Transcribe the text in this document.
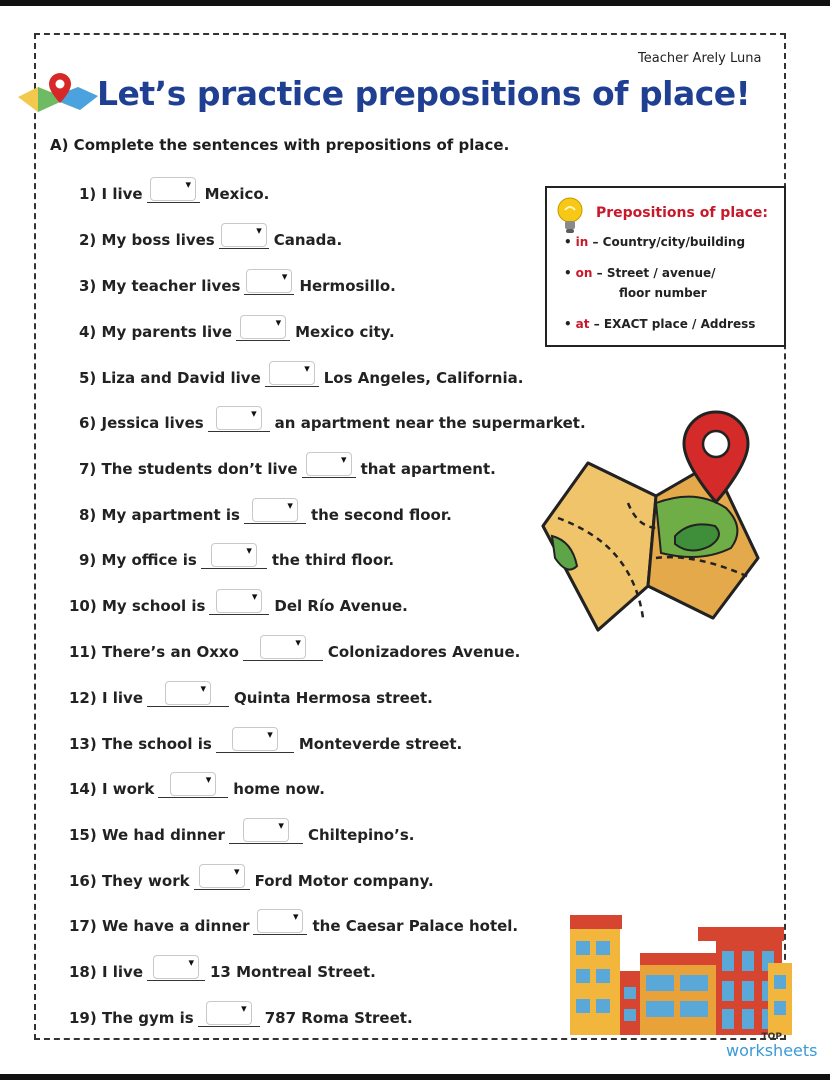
Teacher Arely Luna
Let’s practice prepositions of place!
A) Complete the sentences with prepositions of place.
Prepositions of place:
• in – Country/city/building
• on – Street / avenue/
floor number
• at – EXACT place / Address
1) I live
▾
Mexico.
2) My boss lives
▾
Canada.
3) My teacher lives
▾
Hermosillo.
4) My parents live
▾
Mexico city.
5) Liza and David live
▾
Los Angeles, California.
6) Jessica lives
▾
an apartment near the supermarket.
7) The students don’t live
▾
that apartment.
8) My apartment is
▾
the second floor.
9) My office is
▾
the third floor.
10) My school is
▾
Del Río Avenue.
11) There’s an Oxxo
▾
Colonizadores Avenue.
12) I live
▾
Quinta Hermosa street.
13) The school is
▾
Monteverde street.
14) I work
▾
home now.
15) We had dinner
▾
Chiltepino’s.
16) They work
▾
Ford Motor company.
17) We have a dinner
▾
the Caesar Palace hotel.
18) I live
▾
13 Montreal Street.
19) The gym is
▾
787 Roma Street.
TOP
worksheets
